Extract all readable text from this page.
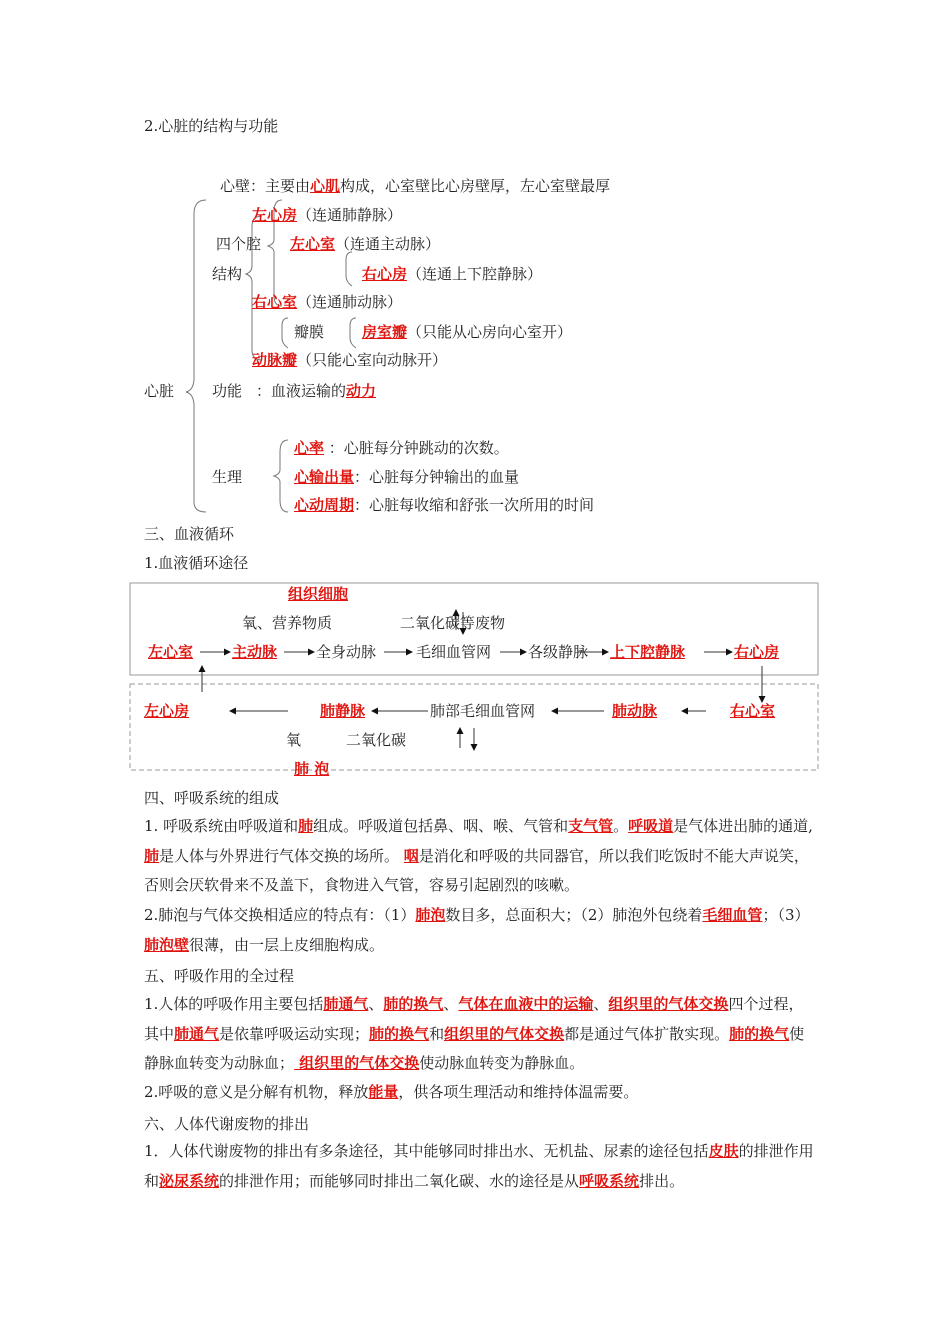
2.心脏的结构与功能
心壁：主要由心肌构成，心室壁比心房壁厚，左心室壁最厚
左心房（连通肺静脉）
四个腔 左心室（连通主动脉）
结构	右心房（连通上下腔静脉）
右心室（连通肺动脉）
瓣膜	房室瓣（只能从心房向心室开）
动脉瓣（只能心室向动脉开）
心脏	功能 ：血液运输的动力
心率 ：心脏每分钟跳动的次数。
生理	心输出量：心脏每分钟输出的血量
心动周期：心脏每收缩和舒张一次所用的时间
三、血液循环
1.血液循环途径
组织细胞
氧、营养物质	二氧化碳等废物
左心室	主动脉	全身动脉	毛细血管网 各级静脉 上下腔静脉	右心房
左心房	肺静脉	肺部毛细血管网	肺动脉	右心室
氧	二氧化碳
肺 泡
四、呼吸系统的组成
1. 呼吸系统由呼吸道和肺组成。呼吸道包括鼻、咽、喉、气管和支气管。呼吸道是气体进出肺的通道,肺是人体与外界进行气体交换的场所。 咽是消化和呼吸的共同器官，所以我们吃饭时不能大声说笑，否则会厌软骨来不及盖下，食物进入气管，容易引起剧烈的咳嗽。
2.肺泡与气体交换相适应的特点有：（1）肺泡数目多，总面积大；（2）肺泡外包绕着毛细血管；（3）肺泡壁很薄，由一层上皮细胞构成。
五、呼吸作用的全过程
1.人体的呼吸作用主要包括肺通气、肺的换气、气体在血液中的运输、组织里的气体交换四个过程，其中肺通气是依靠呼吸运动实现；肺的换气和组织里的气体交换都是通过气体扩散实现。肺的换气使静脉血转变为动脉血； 组织里的气体交换使动脉血转变为静脉血。
2.呼吸的意义是分解有机物，释放能量，供各项生理活动和维持体温需要。
六、人体代谢废物的排出
1．人体代谢废物的排出有多条途径，其中能够同时排出水、无机盐、尿素的途径包括皮肤的排泄作用和泌尿系统的排泄作用；而能够同时排出二氧化碳、水的途径是从呼吸系统排出。
